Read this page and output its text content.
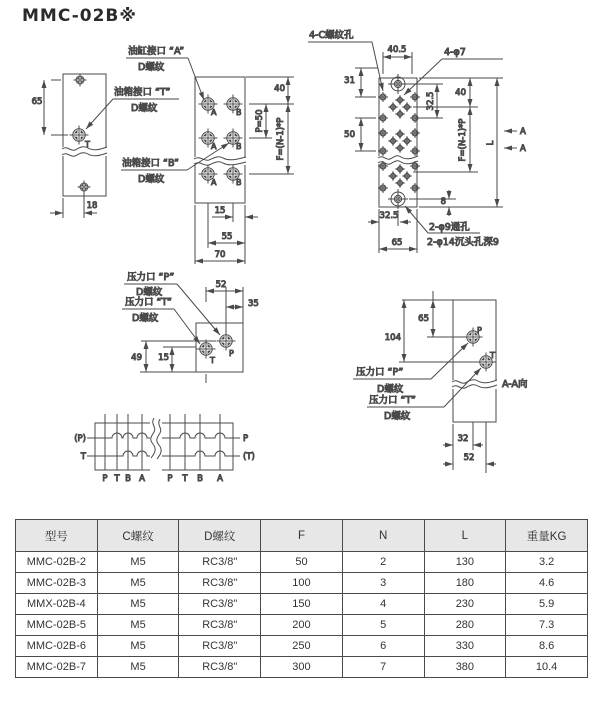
MMC-02B※
T
65
18
A B
A B
A B
油缸接口 “A”
D螺纹
油箱接口 “T”
D螺纹
油箱接口 “B”
D螺纹
40
P=50 F=(N-1)*P
15
55
70
4-C螺纹孔
40.5	4-φ7
31
50
32.5 40
F=(N-1)*P L
A
A
8
32.5
65
2-φ9通孔
2-φ14沉头孔深9
P
T
52
35
49 15
压力口 “P”
D螺纹
压力口 “T”
D螺纹
P
T
65
104
压力口 “P”
D螺纹
压力口 “T”
D螺纹
A-A向
32
52
(P)
T
P
(T)
P T B A	P T B A
型号	C螺纹	D螺纹	F	N	L	重量KG
MMC-02B-2	M5	RC3/8"	50	2	130	3.2
MMC-02B-3	M5	RC3/8"	100	3	180	4.6
MMX-02B-4	M5	RC3/8"	150	4	230	5.9
MMC-02B-5	M5	RC3/8"	200	5	280	7.3
MMC-02B-6	M5	RC3/8"	250	6	330	8.6
MMC-02B-7	M5	RC3/8"	300	7	380	10.4
